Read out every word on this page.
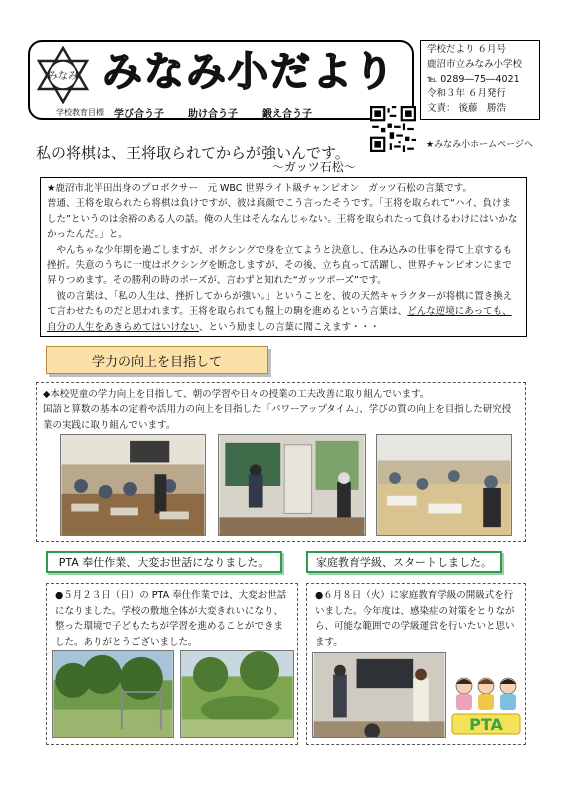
みなみ みなみ小だより
学校教育目標 学び合う子 助け合う子 鍛え合う子
学校だより ６月号
鹿沼市立みなみ小学校
℡ 0289―75―4021
令和３年 ６月発行
文責： 後藤　勝浩
★みなみ小ホームページへ
私の将棋は、王将取られてからが強いんです。
～ガッツ石松～

★鹿沼市北半田出身のプロボクサー　元 WBC 世界ライト級チャンピオン　ガッツ石松の言葉です。

普通、王将を取られたら将棋は負けですが、彼は真顔でこう言ったそうです。「王将を取られて“ハイ、負けました”というのは余裕のある人の話。俺の人生はそんなんじゃない。王将を取られたって負けるわけにはいかなかったんだ。」と。

　やんちゃな少年期を過ごしますが、ボクシングで身を立てようと決意し、住み込みの仕事を得て上京するも挫折。失意のうちに一度はボクシングを断念しますが、その後、立ち直って活躍し、世界チャンピオンにまで昇りつめます。その勝利の時のポーズが、言わずと知れた“ガッツポーズ”です。

　彼の言葉は、「私の人生は、挫折してからが強い。」ということを、彼の天然キャラクターが将棋に置き換えて言わせたものだと思われます。王将を取られても盤上の駒を進めるという言葉は、どんな逆境にあっても、自分の人生をあきらめてはいけない、という励ましの言葉に聞こえます・・・

学力の向上を目指して
◆本校児童の学力向上を目指して、朝の学習や日々の授業の工夫改善に取り組んでいます。
国語と算数の基本の定着や活用力の向上を目指した「パワーアップタイム」、学びの質の向上を目指した研究授業の実践に取り組んでいます。
PTA 奉仕作業、大変お世話になりました。	家庭教育学級、スタートしました。
●５月２３日（日）の PTA 奉仕作業では、大変お世話になりました。学校の敷地全体が大変きれいになり、整った環境で子どもたちが学習を進めることができました。ありがとうございました。
●６月８日（火）に家庭教育学級の開級式を行いました。今年度は、感染症の対策をとりながら、可能な範囲での学級運営を行いたいと思います。
PTA
